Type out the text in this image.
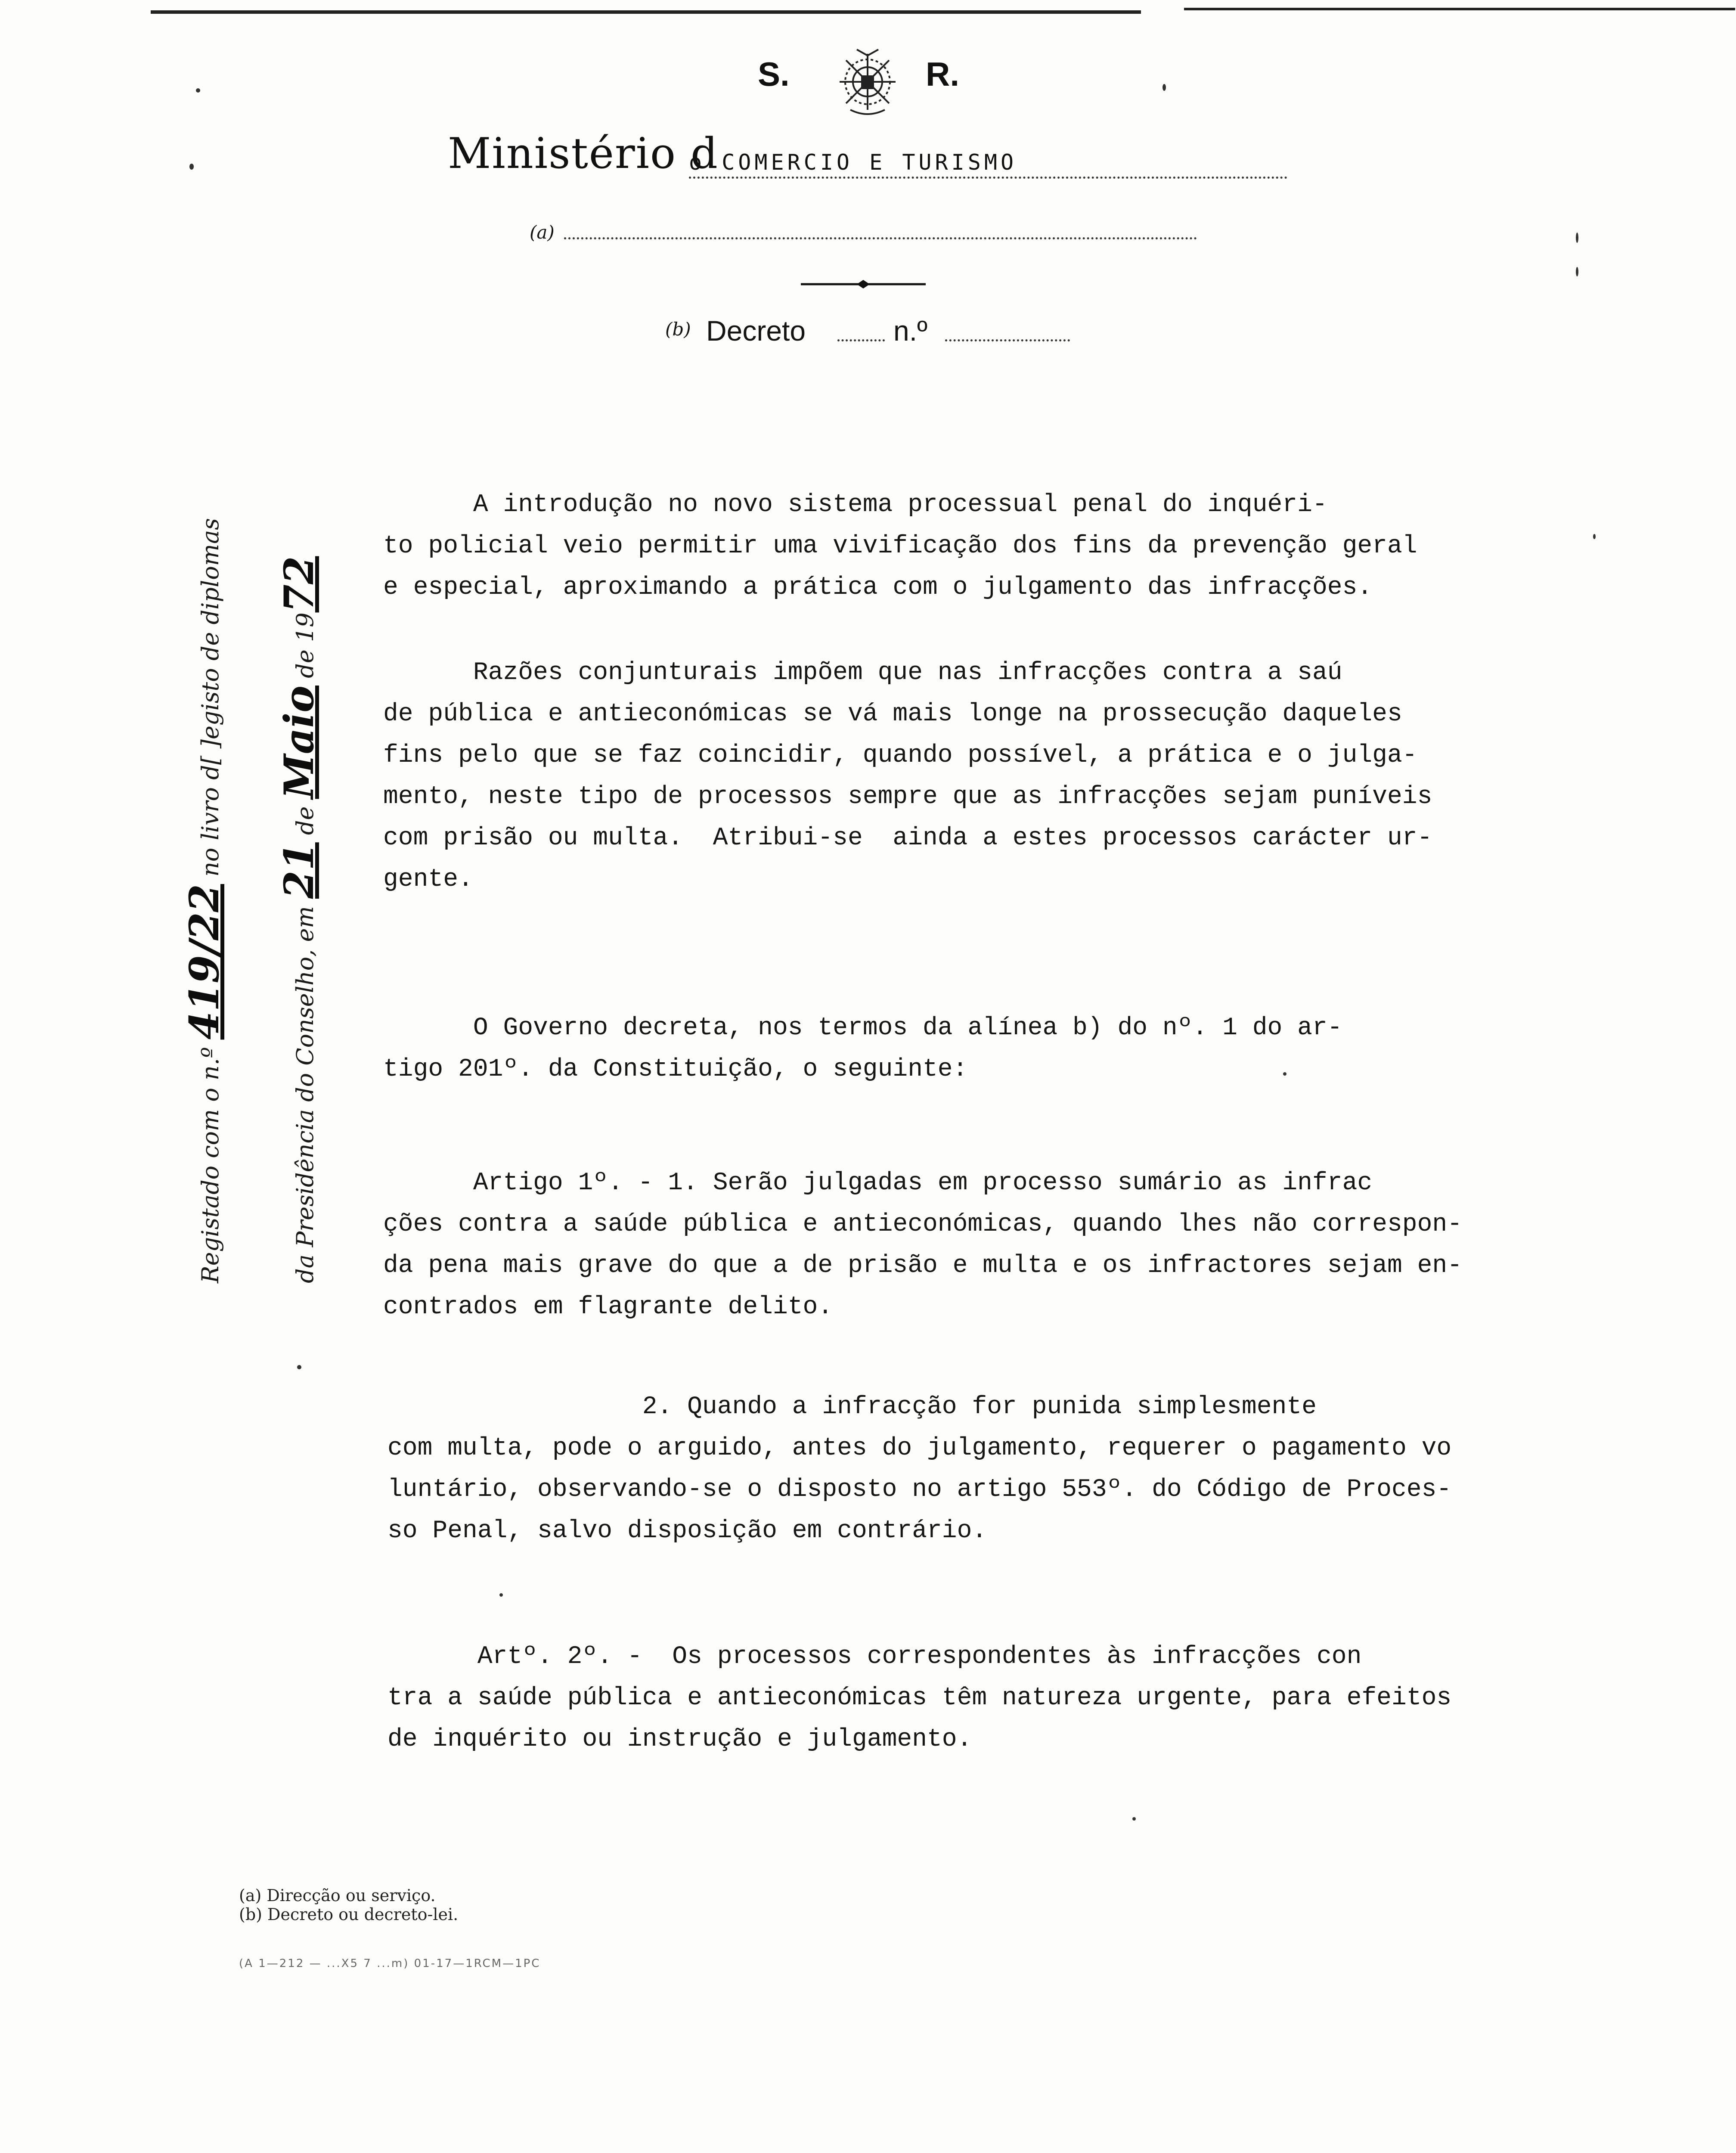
S.	R.
Ministério d
o COMERCIO E TURISMO
(a)
(b) Decreto	n.º
Registado com o n.º 419/22 no livro d[ ]egisto de diplomas
da Presidência do Conselho, em 21 de Maio de 1972
A introdução no novo sistema processual penal do inquéri-
to policial veio permitir uma vivificação dos fins da prevenção geral
e especial, aproximando a prática com o julgamento das infracções.
Razões conjunturais impõem que nas infracções contra a saú
de pública e antieconómicas se vá mais longe na prossecução daqueles
fins pelo que se faz coincidir, quando possível, a prática e o julga-
mento, neste tipo de processos sempre que as infracções sejam puníveis
com prisão ou multa.  Atribui-se  ainda a estes processos carácter ur-
gente.
O Governo decreta, nos termos da alínea b) do nº. 1 do ar-
tigo 201º. da Constituição, o seguinte:
Artigo 1º. - 1. Serão julgadas em processo sumário as infrac
ções contra a saúde pública e antieconómicas, quando lhes não correspon-
da pena mais grave do que a de prisão e multa e os infractores sejam en-
contrados em flagrante delito.
2. Quando a infracção for punida simplesmente
com multa, pode o arguido, antes do julgamento, requerer o pagamento vo
luntário, observando-se o disposto no artigo 553º. do Código de Proces-
so Penal, salvo disposição em contrário.
Artº. 2º. -  Os processos correspondentes às infracções con
tra a saúde pública e antieconómicas têm natureza urgente, para efeitos
de inquérito ou instrução e julgamento.
(a) Direcção ou serviço.
(b) Decreto ou decreto-lei.
(A 1—212 — ...X5 7 ...m) 01-17—1RCM—1PC
